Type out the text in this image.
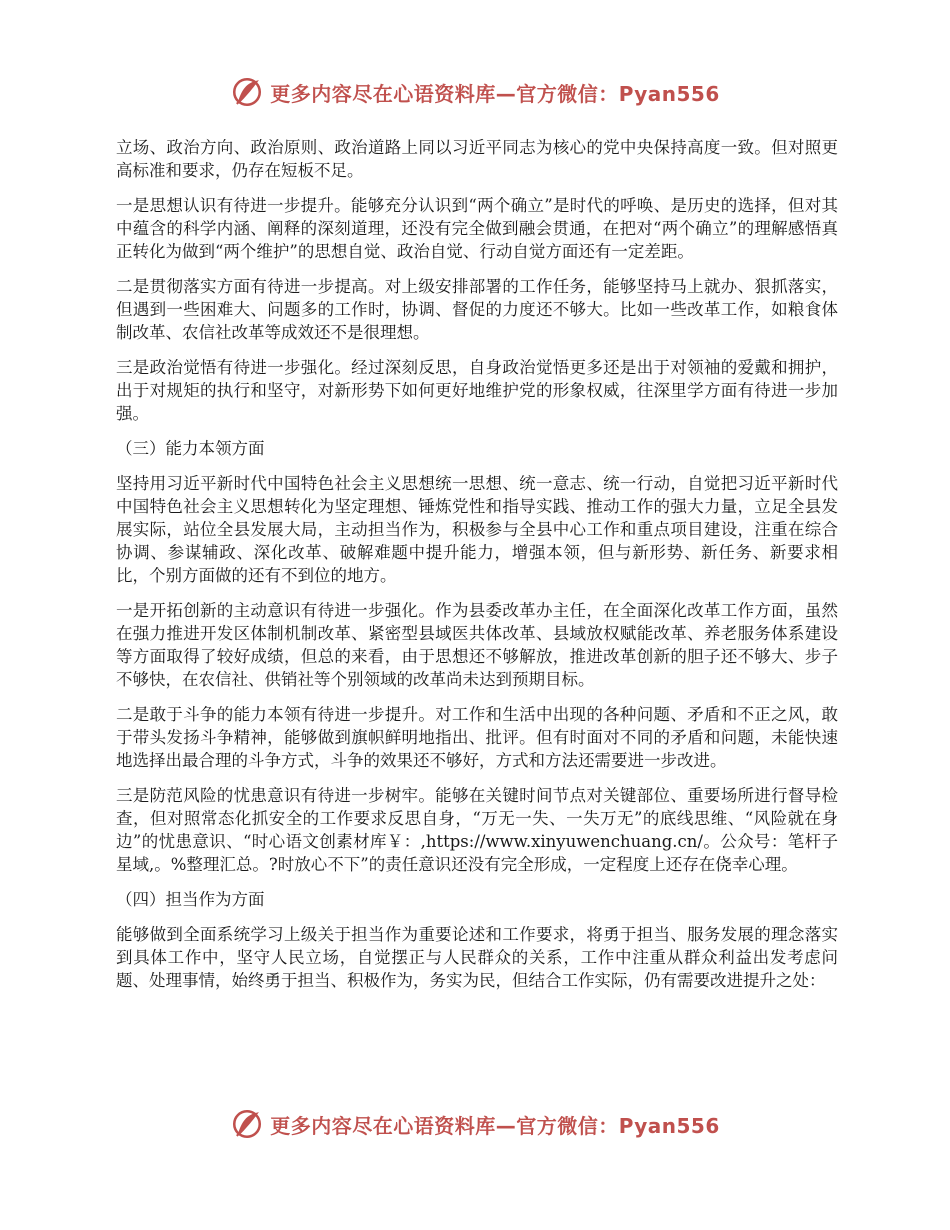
更多内容尽在心语资料库—官方微信：Pyan556

立场、政治方向、政治原则、政治道路上同以习近平同志为核心的党中央保持高度一致。但对照更高标准和要求，仍存在短板不足。

一是思想认识有待进一步提升。能够充分认识到“两个确立”是时代的呼唤、是历史的选择，但对其中蕴含的科学内涵、阐释的深刻道理，还没有完全做到融会贯通，在把对“两个确立”的理解感悟真正转化为做到“两个维护”的思想自觉、政治自觉、行动自觉方面还有一定差距。

二是贯彻落实方面有待进一步提高。对上级安排部署的工作任务，能够坚持马上就办、狠抓落实，但遇到一些困难大、问题多的工作时，协调、督促的力度还不够大。比如一些改革工作，如粮食体制改革、农信社改革等成效还不是很理想。

三是政治觉悟有待进一步强化。经过深刻反思，自身政治觉悟更多还是出于对领袖的爱戴和拥护，出于对规矩的执行和坚守，对新形势下如何更好地维护党的形象权威，往深里学方面有待进一步加强。

（三）能力本领方面

坚持用习近平新时代中国特色社会主义思想统一思想、统一意志、统一行动，自觉把习近平新时代中国特色社会主义思想转化为坚定理想、锤炼党性和指导实践、推动工作的强大力量，立足全县发展实际，站位全县发展大局，主动担当作为，积极参与全县中心工作和重点项目建设，注重在综合协调、参谋辅政、深化改革、破解难题中提升能力，增强本领，但与新形势、新任务、新要求相比，个别方面做的还有不到位的地方。

一是开拓创新的主动意识有待进一步强化。作为县委改革办主任，在全面深化改革工作方面，虽然在强力推进开发区体制机制改革、紧密型县域医共体改革、县域放权赋能改革、养老服务体系建设等方面取得了较好成绩，但总的来看，由于思想还不够解放，推进改革创新的胆子还不够大、步子不够快，在农信社、供销社等个别领域的改革尚未达到预期目标。

二是敢于斗争的能力本领有待进一步提升。对工作和生活中出现的各种问题、矛盾和不正之风，敢于带头发扬斗争精神，能够做到旗帜鲜明地指出、批评。但有时面对不同的矛盾和问题，未能快速地选择出最合理的斗争方式，斗争的效果还不够好，方式和方法还需要进一步改进。

三是防范风险的忧患意识有待进一步树牢。能够在关键时间节点对关键部位、重要场所进行督导检查，但对照常态化抓安全的工作要求反思自身，“万无一失、一失万无”的底线思维、“风险就在身边”的忧患意识、“时心语文创素材库￥：,https://www.xinyuwenchuang.cn/。公众号：笔杆子星域,。%整理汇总。?时放心不下”的责任意识还没有完全形成，一定程度上还存在侥幸心理。

（四）担当作为方面

能够做到全面系统学习上级关于担当作为重要论述和工作要求，将勇于担当、服务发展的理念落实到具体工作中，坚守人民立场，自觉摆正与人民群众的关系，工作中注重从群众利益出发考虑问题、处理事情，始终勇于担当、积极作为，务实为民，但结合工作实际，仍有需要改进提升之处：

更多内容尽在心语资料库—官方微信：Pyan556
